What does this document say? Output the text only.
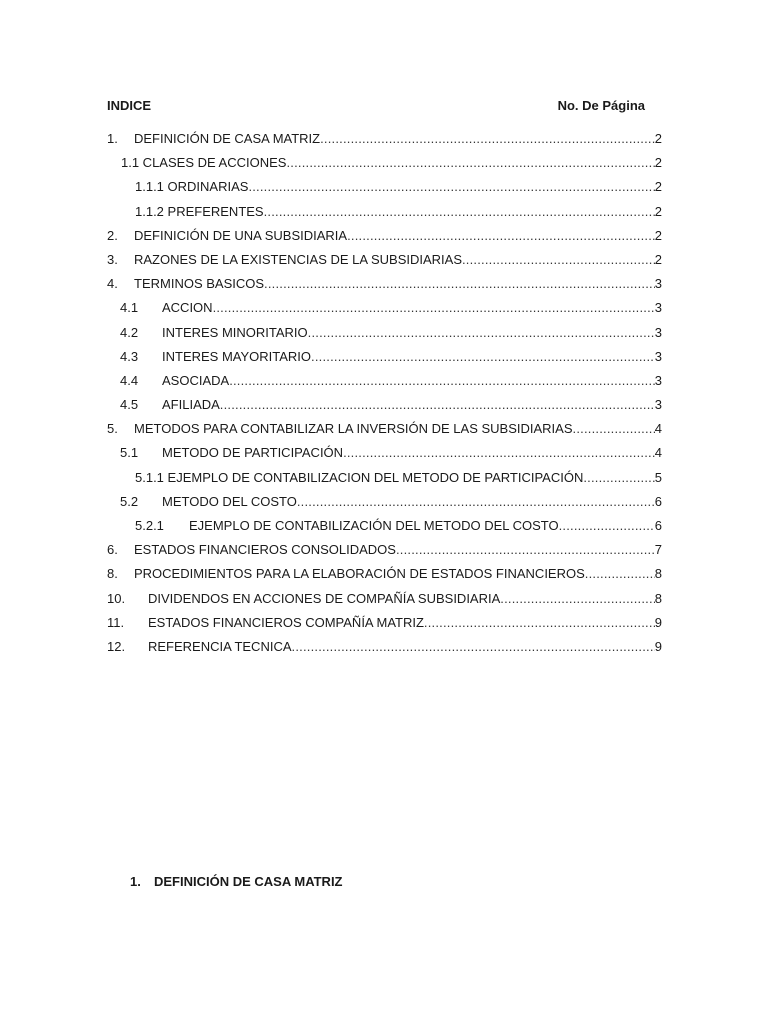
INDICE	No. De Página
1. DEFINICIÓN DE CASA MATRIZ .....	2
1.1 CLASES DE ACCIONES .....	2
1.1.1 ORDINARIAS .....	2
1.1.2 PREFERENTES .....	2
2. DEFINICIÓN DE UNA SUBSIDIARIA .....	2
3. RAZONES DE LA EXISTENCIAS DE LA SUBSIDIARIAS .....	2
4. TERMINOS BASICOS .....	3
4.1 ACCION .....	3
4.2 INTERES MINORITARIO .....	3
4.3 INTERES MAYORITARIO .....	3
4.4 ASOCIADA .....	3
4.5 AFILIADA .....	3
5. METODOS PARA CONTABILIZAR LA INVERSIÓN DE LAS SUBSIDIARIAS .....	4
5.1 METODO DE PARTICIPACIÓN .....	4
5.1.1 EJEMPLO DE CONTABILIZACION DEL METODO DE PARTICIPACIÓN .....	5
5.2 METODO DEL COSTO .....	6
5.2.1 EJEMPLO DE CONTABILIZACIÓN DEL METODO DEL COSTO .....	6
6. ESTADOS FINANCIEROS CONSOLIDADOS .....	7
8. PROCEDIMIENTOS PARA LA ELABORACIÓN DE ESTADOS FINANCIEROS .....	8
10. DIVIDENDOS EN ACCIONES DE COMPAÑÍA SUBSIDIARIA .....	8
11. ESTADOS FINANCIEROS COMPAÑÍA MATRIZ .....	9
12. REFERENCIA TECNICA .....	9
1. DEFINICIÓN DE CASA MATRIZ
